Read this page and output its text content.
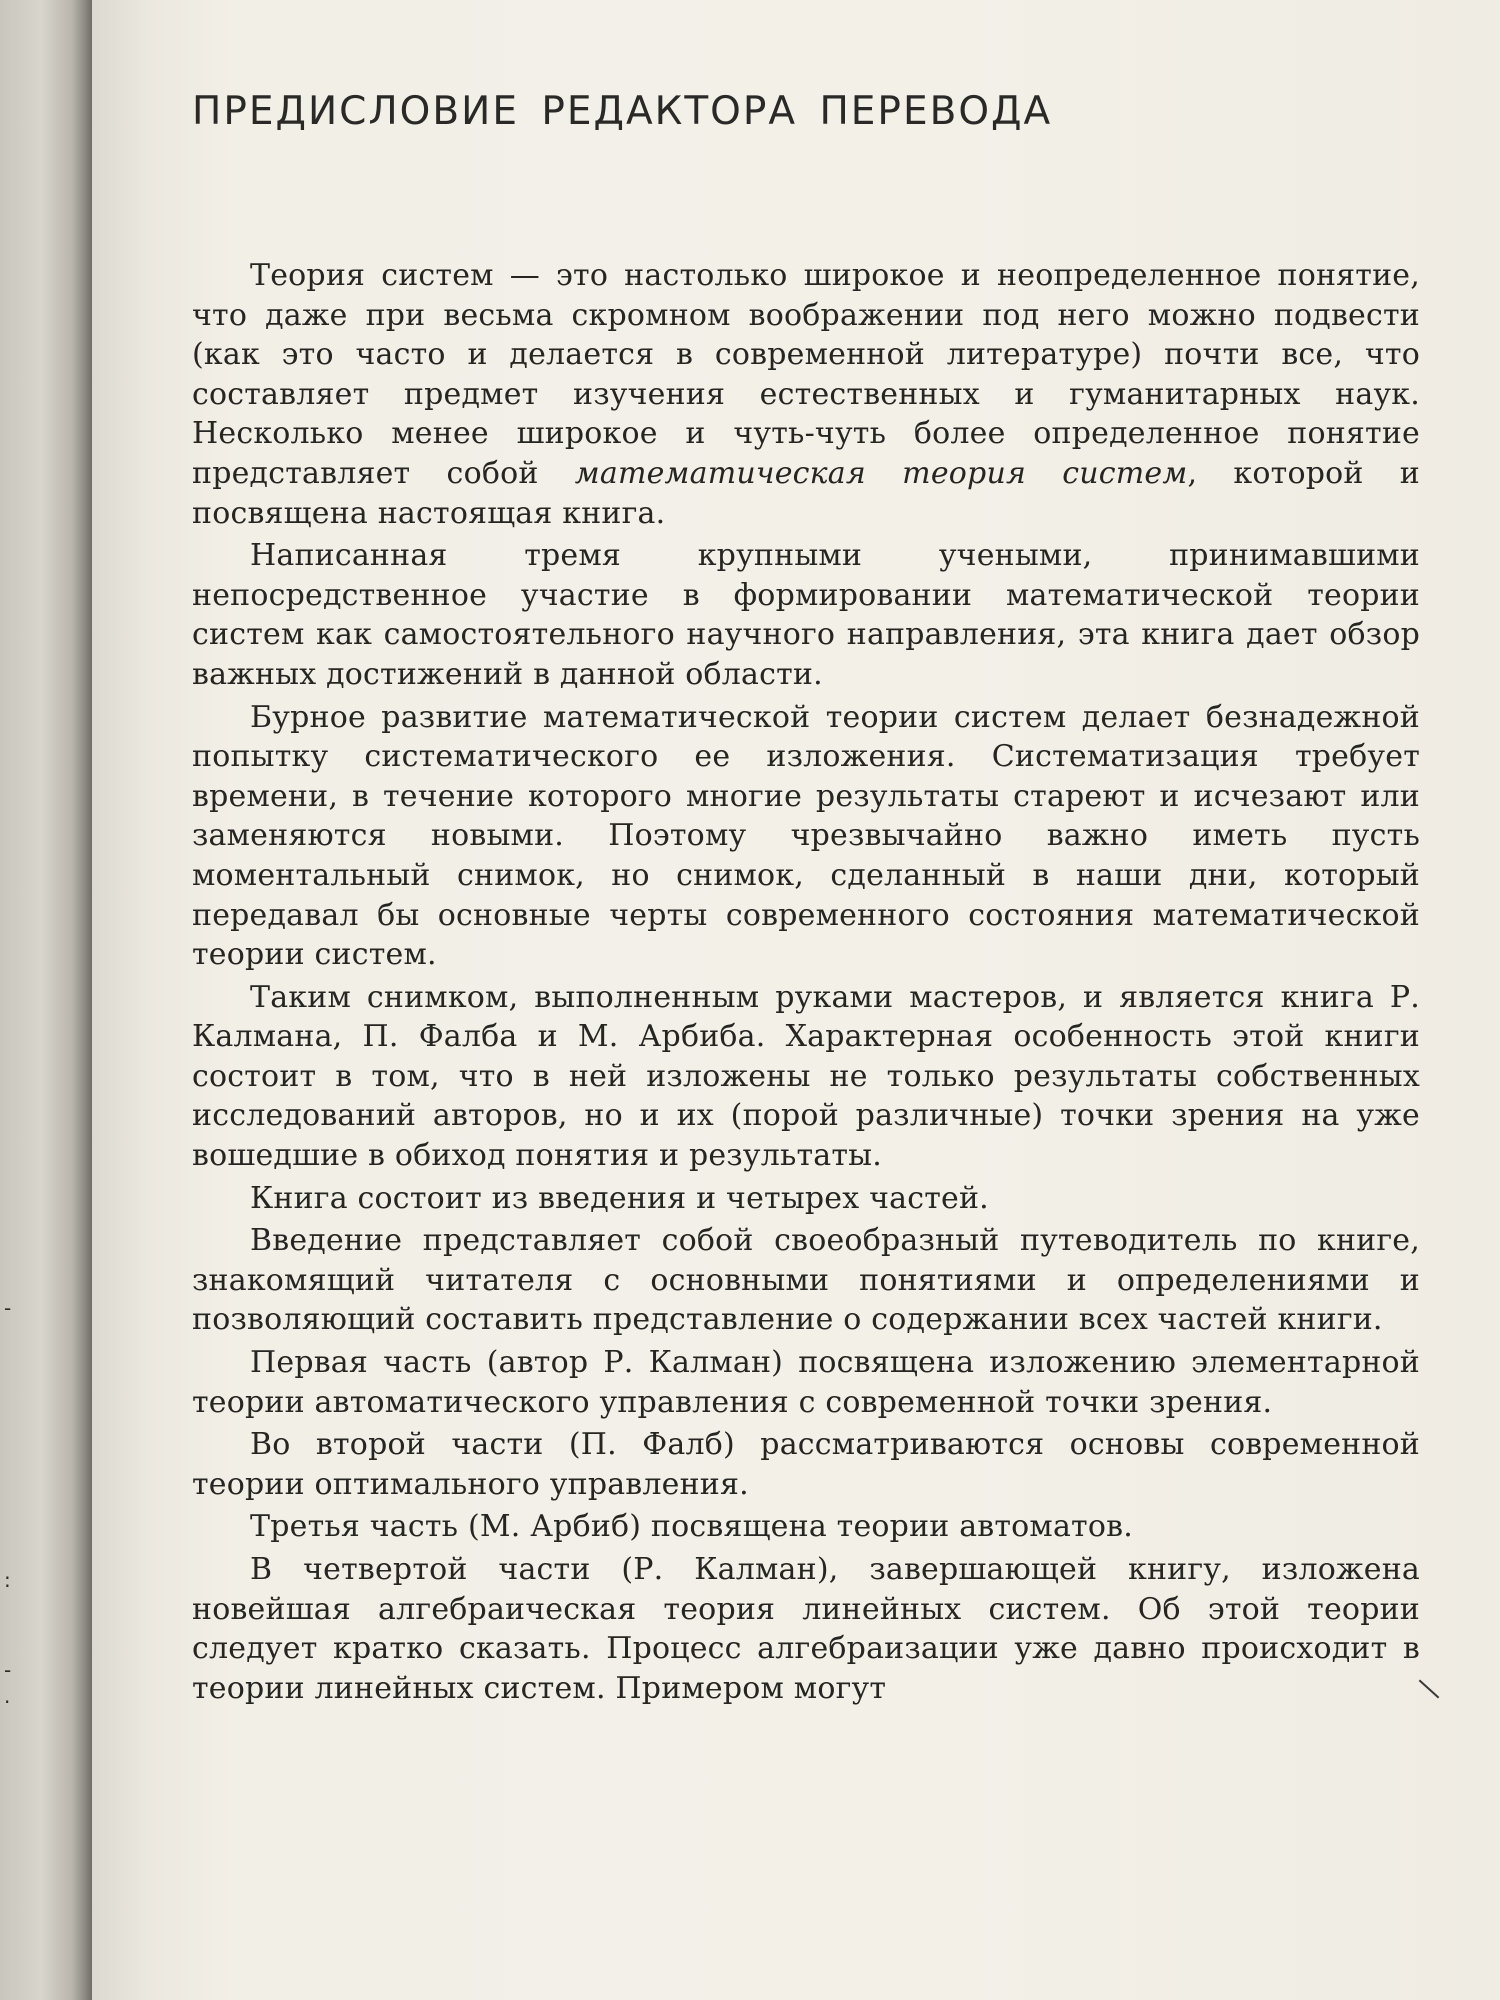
-
:
-
.
ПРЕДИСЛОВИЕ РЕДАКТОРА ПЕРЕВОДА

Теория систем — это настолько широкое и неопределенное понятие, что даже при весьма скромном воображении под него можно подвести (как это часто и делается в современной литературе) почти все, что составляет предмет изучения естественных и гуманитарных наук. Несколько менее широкое и чуть-чуть более определенное понятие представляет собой математическая теория систем, которой и посвящена настоящая книга.

Написанная тремя крупными учеными, принимавшими непосредственное участие в формировании математической теории систем как самостоятельного научного направления, эта книга дает обзор важных достижений в данной области.

Бурное развитие математической теории систем делает безнадежной попытку систематического ее изложения. Систематизация требует времени, в течение которого многие результаты стареют и исчезают или заменяются новыми. Поэтому чрезвычайно важно иметь пусть моментальный снимок, но снимок, сделанный в наши дни, который передавал бы основные черты современного состояния математической теории систем.

Таким снимком, выполненным руками мастеров, и является книга Р. Калмана, П. Фалба и М. Арбиба. Характерная особенность этой книги состоит в том, что в ней изложены не только результаты собственных исследований авторов, но и их (порой различные) точки зрения на уже вошедшие в обиход понятия и результаты.

Книга состоит из введения и четырех частей.

Введение представляет собой своеобразный путеводитель по книге, знакомящий читателя с основными понятиями и определениями и позволяющий составить представление о содержании всех частей книги.

Первая часть (автор Р. Калман) посвящена изложению элементарной теории автоматического управления с современной точки зрения.

Во второй части (П. Фалб) рассматриваются основы современной теории оптимального управления.

Третья часть (М. Арбиб) посвящена теории автоматов.

В четвертой части (Р. Калман), завершающей книгу, изложена новейшая алгебраическая теория линейных систем. Об этой теории следует кратко сказать. Процесс алгебраизации уже давно происходит в теории линейных систем. Примером могут
